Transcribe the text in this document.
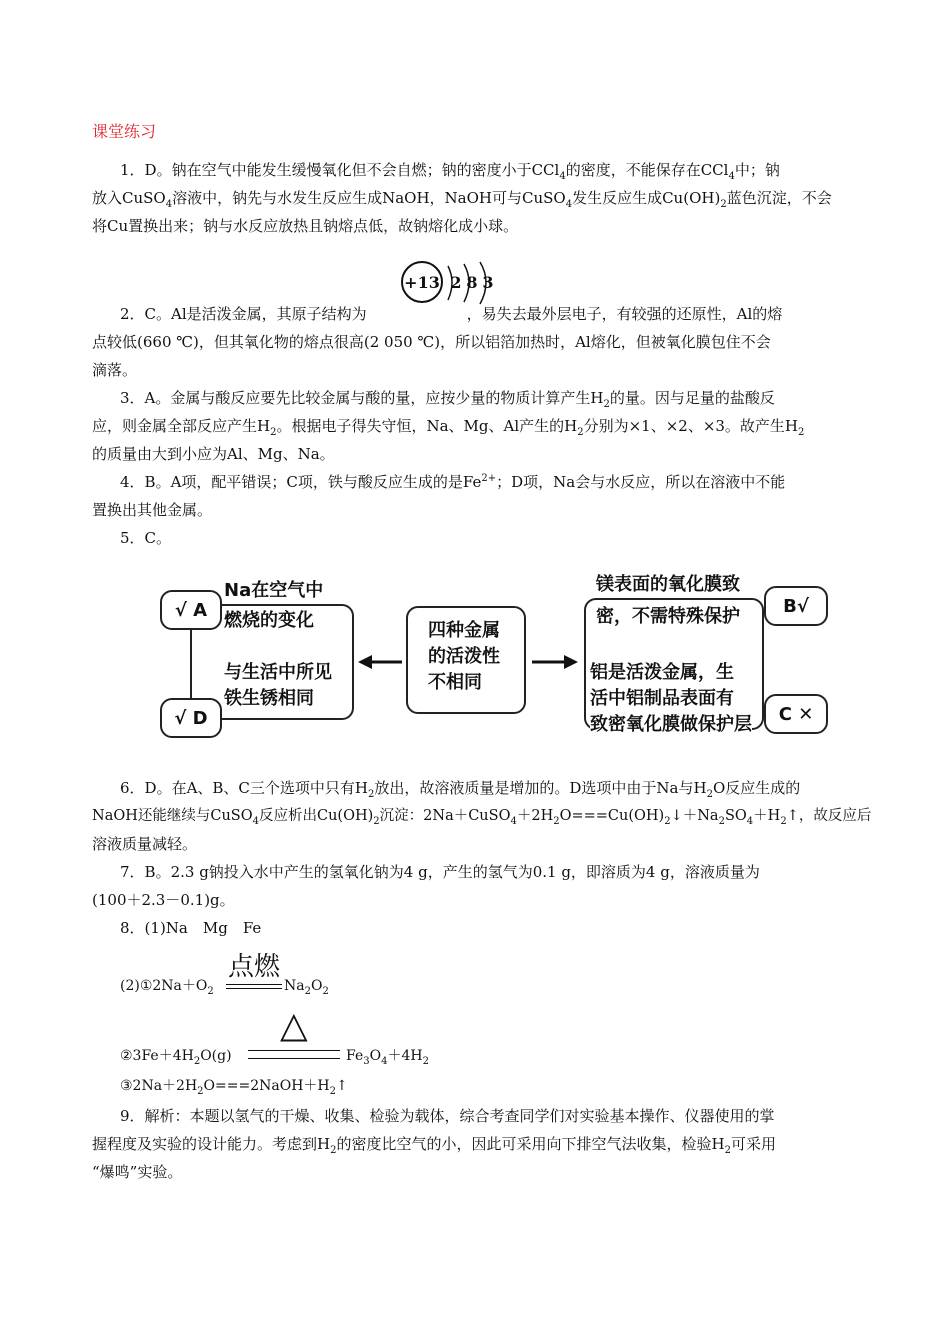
课堂练习
1．D。钠在空气中能发生缓慢氧化但不会自燃；钠的密度小于CCl$_4$的密度，不能保存在CCl$_4$中；钠
放入CuSO$_4$溶液中，钠先与水发生反应生成NaOH，NaOH可与CuSO$_4$发生反应生成$Cu(OH)_2$蓝色沉淀，不会
将Cu置换出来；钠与水反应放热且钠熔点低，故钠熔化成小球。
+13 2 8 3
2．C。Al是活泼金属，其原子结构为	，易失去最外层电子，有较强的还原性，Al的熔
点较低(660 ℃)，但其氧化物的熔点很高(2 050 ℃)，所以铝箔加热时，Al熔化，但被氧化膜包住不会
滴落。
3．A。金属与酸反应要先比较金属与酸的量，应按少量的物质计算产生$H_2$的量。因与足量的盐酸反
应，则金属全部反应产生$H_2$。根据电子得失守恒，Na、Mg、Al产生的$H_2$分别为×1、×2、×3。故产生$H_2$
的质量由大到小应为Al、Mg、Na。
4．B。A项，配平错误；C项，铁与酸反应生成的是$Fe^{2+}$；D项，Na会与水反应，所以在溶液中不能
置换出其他金属。
5．C。
Na在空气中
燃烧的变化
与生活中所见
铁生锈相同
√ A
√ D
四种金属
的活泼性
不相同
镁表面的氧化膜致
密，不需特殊保护
铝是活泼金属，生
活中铝制品表面有
致密氧化膜做保护层
B√
C ✕
6．D。在A、B、C三个选项中只有$H_2$放出，故溶液质量是增加的。D选项中由于Na与$H_2O$反应生成的
NaOH还能继续与CuSO$_4$反应析出$Cu(OH)_2$沉淀：$2Na+CuSO_4+2H_2O===Cu(OH)_2↓+Na_2SO_4+H_2↑$，故反应后
溶液质量减轻。
7．B。2.3 g钠投入水中产生的氢氧化钠为4 g，产生的氢气为0.1 g，即溶质为4 g，溶液质量为
(100＋2.3－0.1)g。
8．(1)Na　Mg　Fe
点燃
$(2)①2Na+O_2$	$Na_2O_2$
△
$②3Fe+4H_2O(g)$	$Fe_3O_4+4H_2$
$③2Na+2H_2O===2NaOH+H_2↑$
9．解析：本题以氢气的干燥、收集、检验为载体，综合考查同学们对实验基本操作、仪器使用的掌
握程度及实验的设计能力。考虑到$H_2$的密度比空气的小，因此可采用向下排空气法收集，检验$H_2$可采用
“爆鸣”实验。
